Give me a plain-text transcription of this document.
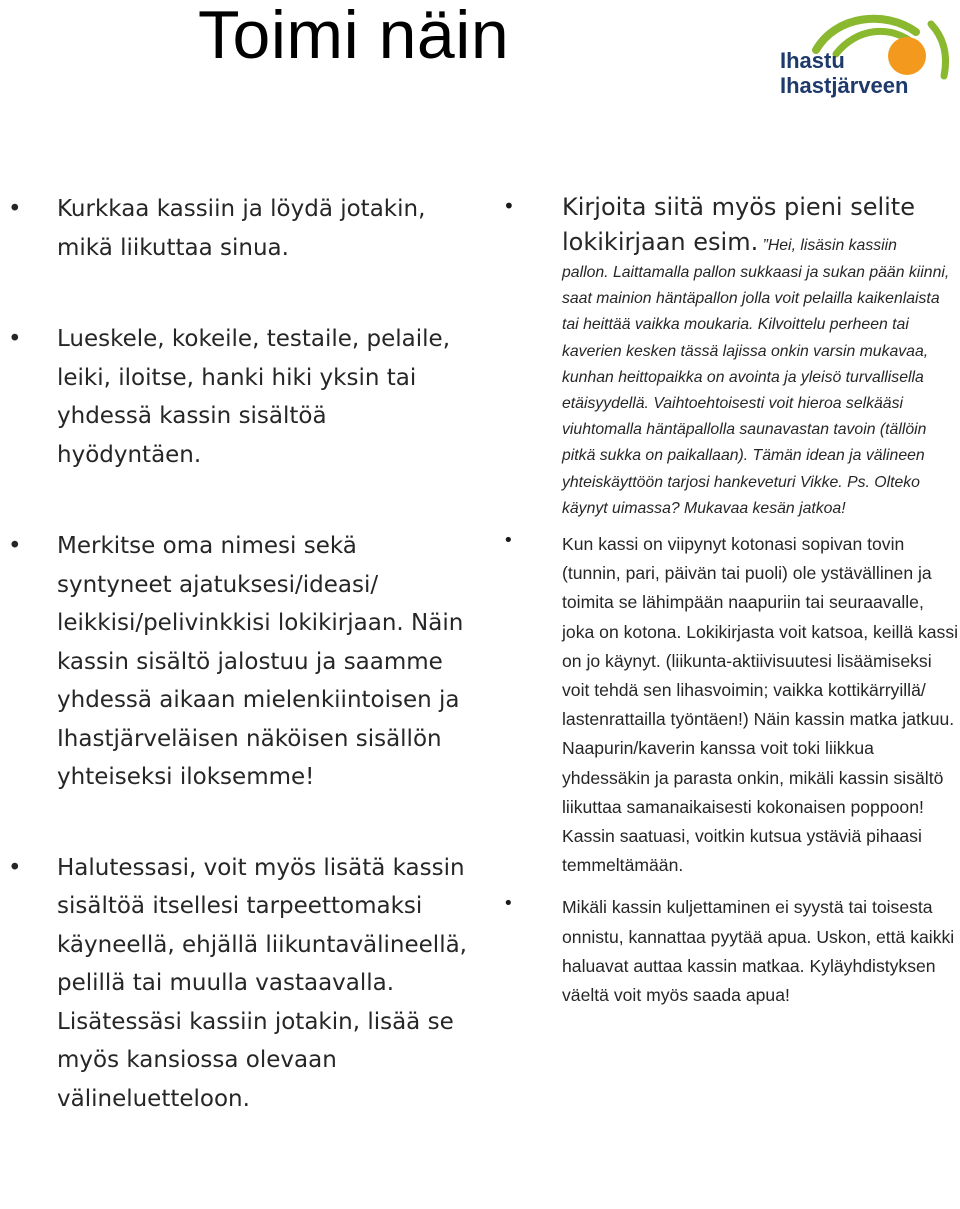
Toimi näin	Ihastu
Ihastjärveen
• Kurkkaa kassiin ja löydä jotakin, mikä liikuttaa sinua.
• Lueskele, kokeile, testaile, pelaile, leiki, iloitse, hanki hiki yksin tai yhdessä kassin sisältöä hyödyntäen.
• Merkitse oma nimesi sekä syntyneet ajatuksesi/ideasi/ leikkisi/pelivinkkisi lokikirjaan. Näin kassin sisältö jalostuu ja saamme yhdessä aikaan mielenkiintoisen ja Ihastjärveläisen näköisen sisällön yhteiseksi iloksemme!
• Halutessasi, voit myös lisätä kassin sisältöä itsellesi tarpeettomaksi käyneellä, ehjällä liikuntavälineellä, pelillä tai muulla vastaavalla. Lisätessäsi kassiin jotakin, lisää se myös kansiossa olevaan välineluetteloon.
• Kirjoita siitä myös pieni selite lokikirjaan esim. ”Hei, lisäsin kassiin
pallon. Laittamalla pallon sukkaasi ja sukan pään kiinni, saat mainion häntäpallon jolla voit pelailla kaikenlaista tai heittää vaikka moukaria. Kilvoittelu perheen tai kaverien kesken tässä lajissa onkin varsin mukavaa, kunhan heittopaikka on avointa ja yleisö turvallisella etäisyydellä. Vaihtoehtoisesti voit hieroa selkääsi viuhtomalla häntäpallolla saunavastan tavoin (tällöin pitkä sukka on paikallaan). Tämän idean ja välineen yhteiskäyttöön tarjosi hankeveturi Vikke. Ps. Olteko käynyt uimassa? Mukavaa kesän jatkoa!
•	Kun kassi on viipynyt kotonasi sopivan tovin (tunnin, pari, päivän tai puoli) ole ystävällinen ja toimita se lähimpään naapuriin tai seuraavalle, joka on kotona. Lokikirjasta voit katsoa, keillä kassi on jo käynyt. (liikunta-aktiivisuutesi lisäämiseksi voit tehdä sen lihasvoimin; vaikka kottikärryillä/ lastenrattailla työntäen!) Näin kassin matka jatkuu. Naapurin/kaverin kanssa voit toki liikkua yhdessäkin ja parasta onkin, mikäli kassin sisältö liikuttaa samanaikaisesti kokonaisen poppoon! Kassin saatuasi, voitkin kutsua ystäviä pihaasi temmeltämään.
•	Mikäli kassin kuljettaminen ei syystä tai toisesta onnistu, kannattaa pyytää apua. Uskon, että kaikki haluavat auttaa kassin matkaa. Kyläyhdistyksen väeltä voit myös saada apua!
